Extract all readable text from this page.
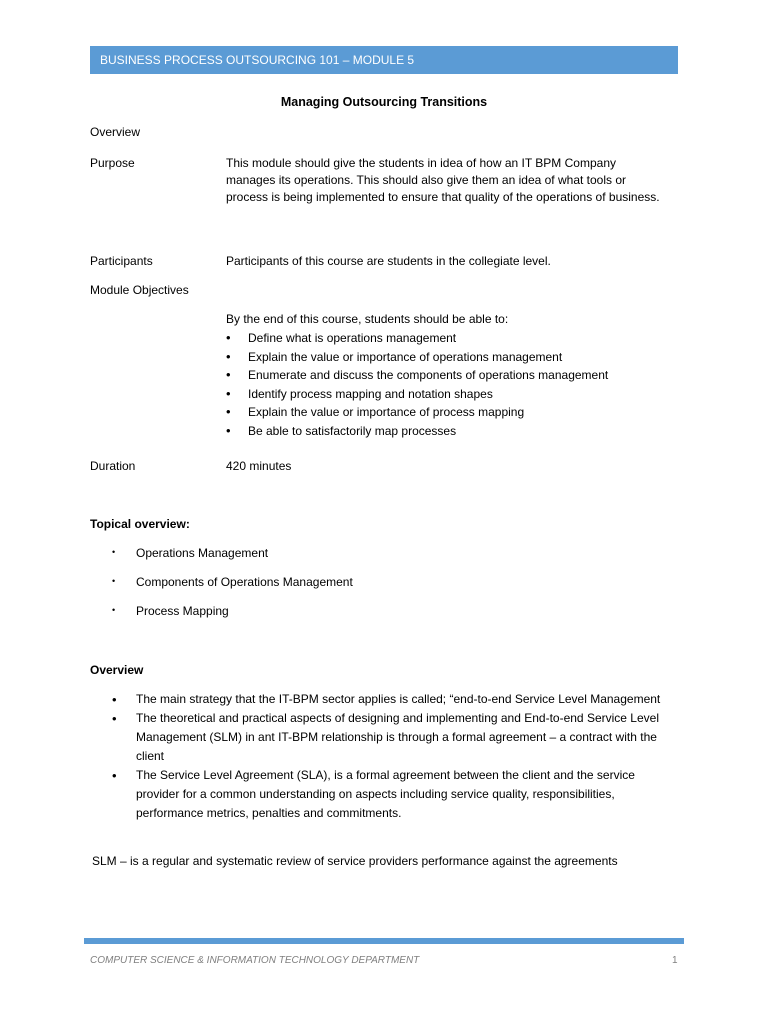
BUSINESS PROCESS OUTSOURCING 101 – MODULE 5
Managing Outsourcing Transitions
Overview
Purpose	This module should give the students in idea of how an IT BPM Company manages its operations. This should also give them an idea of what tools or process is being implemented to ensure that quality of the operations of business.
Participants	Participants of this course are students in the collegiate level.
Module Objectives
By the end of this course, students should be able to:
• Define what is operations management
• Explain the value or importance of operations management
• Enumerate and discuss the components of operations management
• Identify process mapping and notation shapes
• Explain the value or importance of process mapping
• Be able to satisfactorily map processes
Duration	420 minutes
Topical overview:
• Operations Management
• Components of Operations Management
• Process Mapping
Overview
• The main strategy that the IT-BPM sector applies is called; “end-to-end Service Level Management
• The theoretical and practical aspects of designing and implementing and End-to-end Service Level Management (SLM) in ant IT-BPM relationship is through a formal agreement – a contract with the client
• The Service Level Agreement (SLA), is a formal agreement between the client and the service provider for a common understanding on aspects including service quality, responsibilities, performance metrics, penalties and commitments.
SLM – is a regular and systematic review of service providers performance against the agreements
COMPUTER SCIENCE & INFORMATION TECHNOLOGY DEPARTMENT	1
